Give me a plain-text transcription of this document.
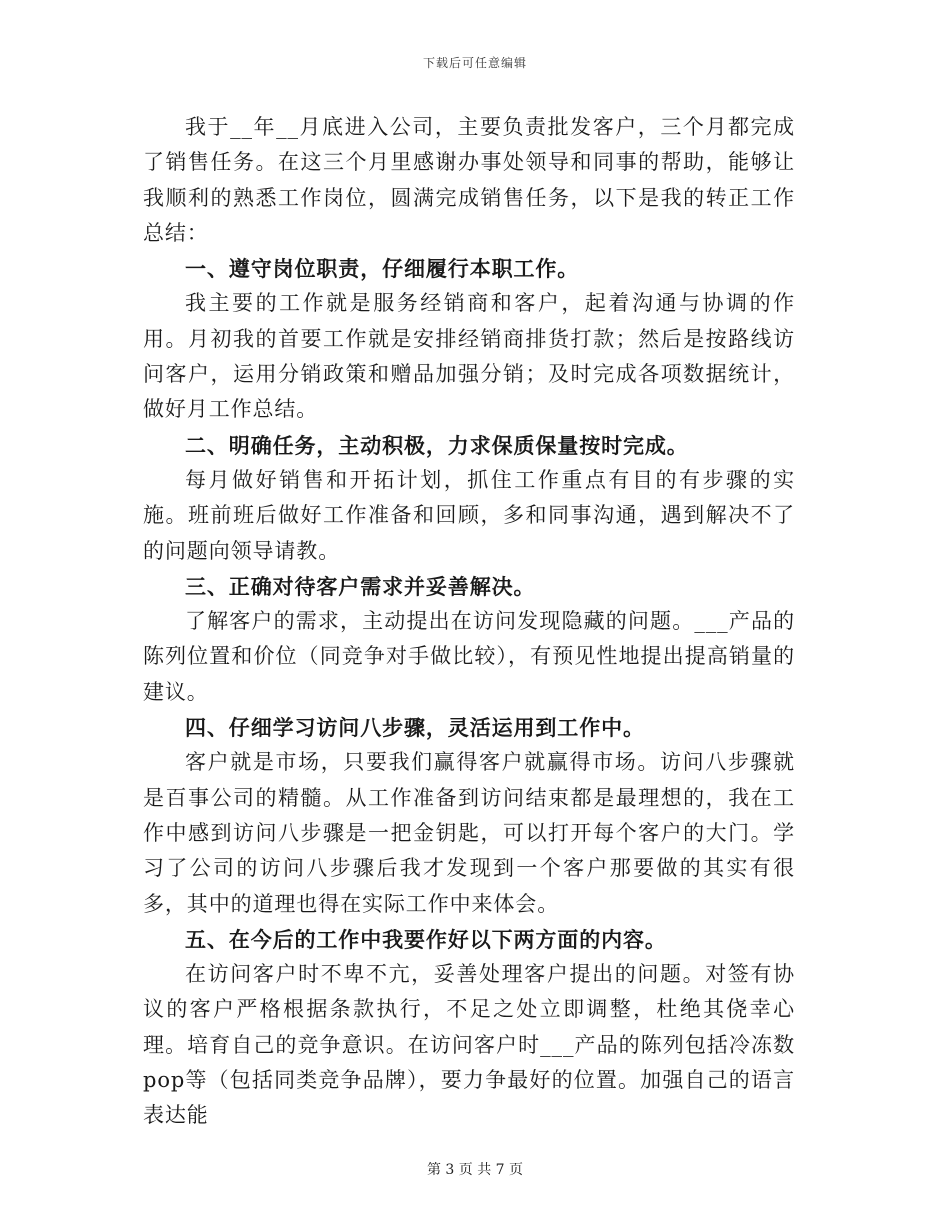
下载后可任意编辑

我于__年__月底进入公司，主要负责批发客户，三个月都完成了销售任务。在这三个月里感谢办事处领导和同事的帮助，能够让我顺利的熟悉工作岗位，圆满完成销售任务，以下是我的转正工作总结：

一、遵守岗位职责，仔细履行本职工作。

我主要的工作就是服务经销商和客户，起着沟通与协调的作用。月初我的首要工作就是安排经销商排货打款；然后是按路线访问客户，运用分销政策和赠品加强分销；及时完成各项数据统计，做好月工作总结。

二、明确任务，主动积极，力求保质保量按时完成。

每月做好销售和开拓计划，抓住工作重点有目的有步骤的实施。班前班后做好工作准备和回顾，多和同事沟通，遇到解决不了的问题向领导请教。

三、正确对待客户需求并妥善解决。

了解客户的需求，主动提出在访问发现隐藏的问题。___产品的陈列位置和价位（同竞争对手做比较），有预见性地提出提高销量的建议。

四、仔细学习访问八步骤，灵活运用到工作中。

客户就是市场，只要我们赢得客户就赢得市场。访问八步骤就是百事公司的精髓。从工作准备到访问结束都是最理想的，我在工作中感到访问八步骤是一把金钥匙，可以打开每个客户的大门。学习了公司的访问八步骤后我才发现到一个客户那要做的其实有很多，其中的道理也得在实际工作中来体会。

五、在今后的工作中我要作好以下两方面的内容。

在访问客户时不卑不亢，妥善处理客户提出的问题。对签有协议的客户严格根据条款执行，不足之处立即调整，杜绝其侥幸心理。培育自己的竞争意识。在访问客户时___产品的陈列包括冷冻数pop等（包括同类竞争品牌），要力争最好的位置。加强自己的语言表达能

第 3 页 共 7 页
